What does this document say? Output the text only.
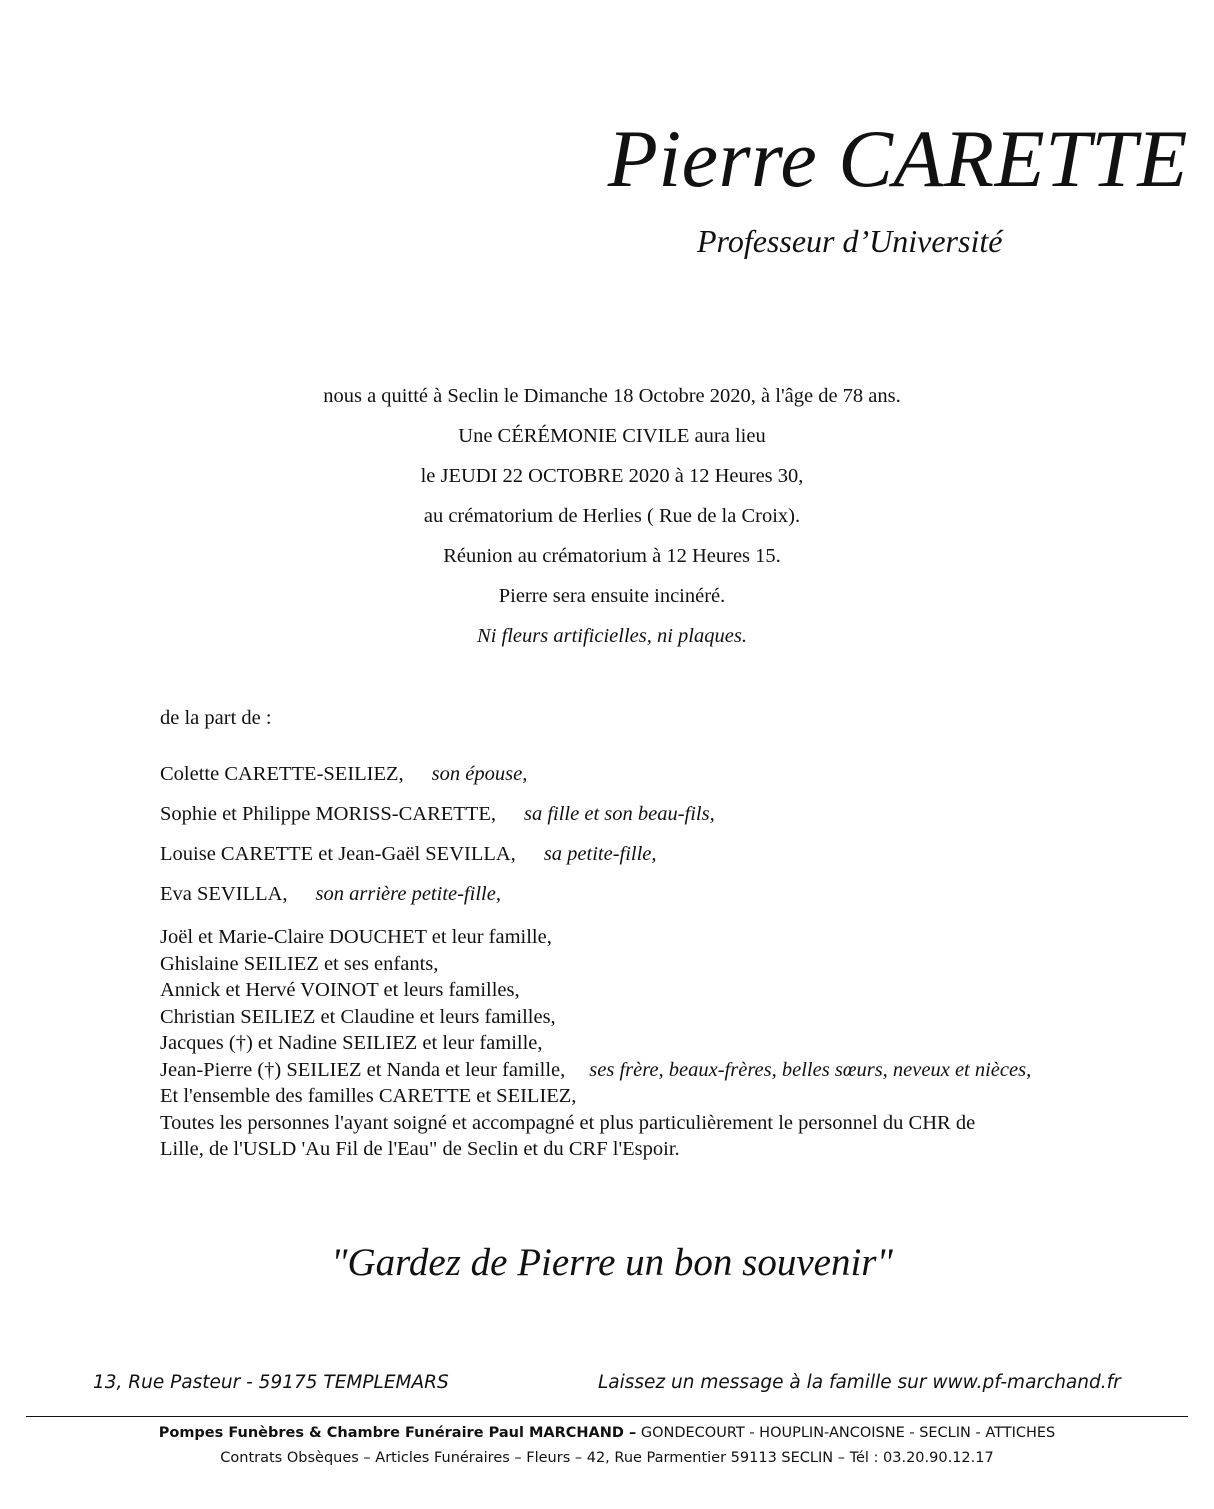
Pierre CARETTE
Professeur d’Université
nous a quitté à Seclin le Dimanche 18 Octobre 2020, à l'âge de 78 ans.
Une CÉRÉMONIE CIVILE aura lieu
le JEUDI 22 OCTOBRE 2020 à 12 Heures 30,
au crématorium de Herlies ( Rue de la Croix).
Réunion au crématorium à 12 Heures 15.
Pierre sera ensuite incinéré.
Ni fleurs artificielles, ni plaques.
de la part de :
Colette CARETTE-SEILIEZ, son épouse,
Sophie et Philippe MORISS-CARETTE, sa fille et son beau-fils,
Louise CARETTE et Jean-Gaël SEVILLA, sa petite-fille,
Eva SEVILLA, son arrière petite-fille,
Joël et Marie-Claire DOUCHET et leur famille,
Ghislaine SEILIEZ et ses enfants,
Annick et Hervé VOINOT et leurs familles,
Christian SEILIEZ et Claudine et leurs familles,
Jacques (†) et Nadine SEILIEZ et leur famille,
Jean-Pierre (†) SEILIEZ et Nanda et leur famille, ses frère, beaux-frères, belles sœurs, neveux et nièces,
Et l'ensemble des familles CARETTE et SEILIEZ,
Toutes les personnes l'ayant soigné et accompagné et plus particulièrement le personnel du CHR de
Lille, de l'USLD 'Au Fil de l'Eau" de Seclin et du CRF l'Espoir.
"Gardez de Pierre un bon souvenir"
13, Rue Pasteur - 59175 TEMPLEMARS	Laissez un message à la famille sur www.pf-marchand.fr
Pompes Funèbres & Chambre Funéraire Paul MARCHAND – GONDECOURT - HOUPLIN-ANCOISNE - SECLIN - ATTICHES
Contrats Obsèques – Articles Funéraires – Fleurs – 42, Rue Parmentier 59113 SECLIN – Tél : 03.20.90.12.17
